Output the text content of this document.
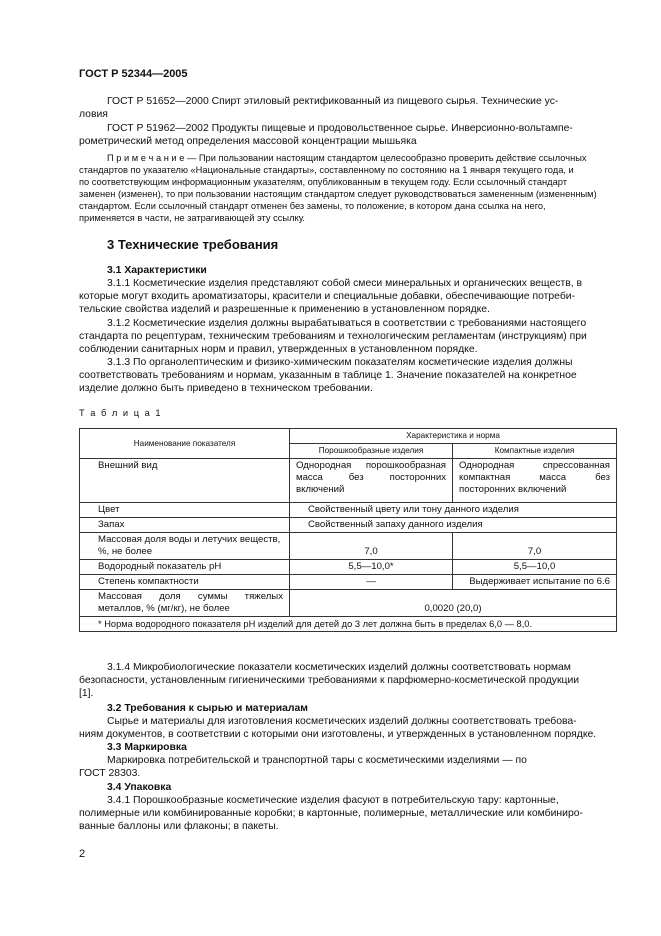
ГОСТ Р 52344—2005
ГОСТ Р 51652—2000 Спирт этиловый ректификованный из пищевого сырья. Технические ус-
ловия
ГОСТ Р 51962—2002 Продукты пищевые и продовольственное сырье. Инверсионно-вольтампе-
рометрический метод определения массовой концентрации мышьяка
П р и м е ч а н и е — При пользовании настоящим стандартом целесообразно проверить действие ссылочных
стандартов по указателю «Национальные стандарты», составленному по состоянию на 1 января текущего года, и
по соответствующим информационным указателям, опубликованным в текущем году. Если ссылочный стандарт
заменен (изменен), то при пользовании настоящим стандартом следует руководствоваться замененным (измененным)
стандартом. Если ссылочный стандарт отменен без замены, то положение, в котором дана ссылка на него,
применяется в части, не затрагивающей эту ссылку.
3 Технические требования
3.1 Характеристики
3.1.1 Косметические изделия представляют собой смеси минеральных и органических веществ, в
которые могут входить ароматизаторы, красители и специальные добавки, обеспечивающие потреби-
тельские свойства изделий и разрешенные к применению в установленном порядке.
3.1.2 Косметические изделия должны вырабатываться в соответствии с требованиями настоящего
стандарта по рецептурам, техническим требованиям и технологическим регламентам (инструкциям) при
соблюдении санитарных норм и правил, утвержденных в установленном порядке.
3.1.3 По органолептическим и физико-химическим показателям косметические изделия должны
соответствовать требованиям и нормам, указанным в таблице 1. Значение показателей на конкретное
изделие должно быть приведено в техническом требовании.
Т а б л и ц а 1
Наименование показателя	Характеристика и норма	
	Порошкообразные изделия	Компактные изделия
Внешний вид	Однородная порошкообразная масса без посторонних включений	Однородная спрессованная компактная масса без посторонних включений
Цвет	Свойственный цвету или тону данного изделия	
Запах	Свойственный запаху данного изделия	
Массовая доля воды и летучих веществ, %, не более	7,0	7,0
Водородный показатель рН	5,5—10,0*	5,5—10,0
Степень компактности	—	Выдерживает испытание по 6.6
Массовая доля суммы тяжелых металлов, % (мг/кг), не более	0,0020 (20,0)	
* Норма водородного показателя рН изделий для детей до 3 лет должна быть в пределах 6,0 — 8,0.		
3.1.4 Микробиологические показатели косметических изделий должны соответствовать нормам
безопасности, установленным гигиеническими требованиями к парфюмерно-косметической продукции
[1].
3.2 Требования к сырью и материалам
Сырье и материалы для изготовления косметических изделий должны соответствовать требова-
ниям документов, в соответствии с которыми они изготовлены, и утвержденных в установленном порядке.
3.3 Маркировка
Маркировка потребительской и транспортной тары с косметическими изделиями — по
ГОСТ 28303.
3.4 Упаковка
3.4.1 Порошкообразные косметические изделия фасуют в потребительскую тару: картонные,
полимерные или комбинированные коробки; в картонные, полимерные, металлические или комбиниро-
ванные баллоны или флаконы; в пакеты.
2
